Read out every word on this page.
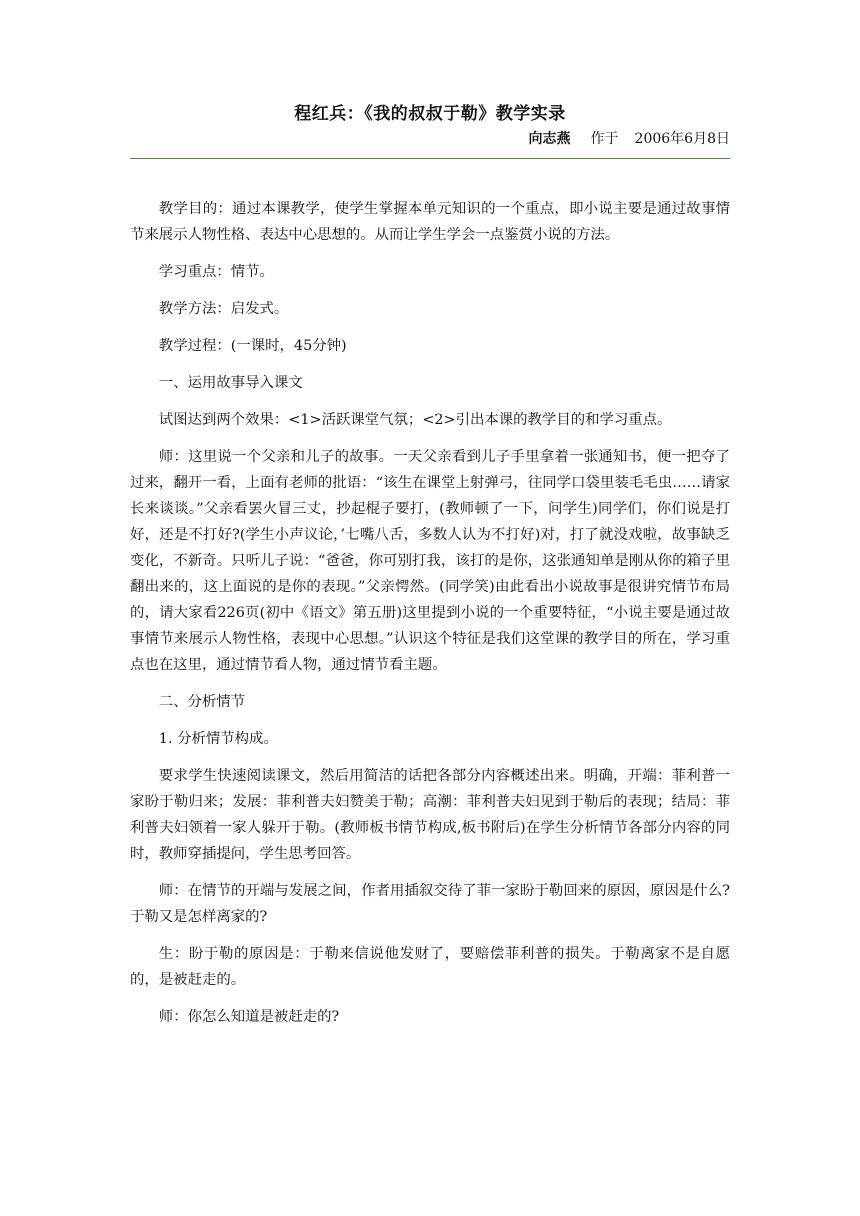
程红兵：《我的叔叔于勒》教学实录
向志燕 作于 2006年6月8日

教学目的：通过本课教学，使学生掌握本单元知识的一个重点，即小说主要是通过故事情节来展示人物性格、表达中心思想的。从而让学生学会一点鉴赏小说的方法。

学习重点：情节。

教学方法：启发式。

教学过程：(一课时，45分钟)

一、运用故事导入课文

试图达到两个效果：<1>活跃课堂气氛；<2>引出本课的教学目的和学习重点。

师：这里说一个父亲和儿子的故事。一天父亲看到儿子手里拿着一张通知书，便一把夺了过来，翻开一看，上面有老师的批语：“该生在课堂上射弹弓，往同学口袋里装毛毛虫……请家长来谈谈。”父亲看罢火冒三丈，抄起棍子要打，(教师顿了一下，问学生)同学们，你们说是打好，还是不打好?(学生小声议论，’七嘴八舌，多数人认为不打好)对，打了就没戏啦，故事缺乏变化，不新奇。只听儿子说：“爸爸，你可别打我，该打的是你，这张通知单是刚从你的箱子里翻出来的，这上面说的是你的表现。”父亲愕然。(同学笑)由此看出小说故事是很讲究情节布局的，请大家看226页(初中《语文》第五册)这里提到小说的一个重要特征，“小说主要是通过故事情节来展示人物性格，表现中心思想。”认识这个特征是我们这堂课的教学目的所在，学习重点也在这里，通过情节看人物，通过情节看主题。

二、分析情节

1. 分析情节构成。

要求学生快速阅读课文，然后用简洁的话把各部分内容概述出来。明确，开端：菲利普一家盼于勒归来；发展：菲利普夫妇赞美于勒；高潮：菲利普夫妇见到于勒后的表现；结局：菲利普夫妇领着一家人躲开于勒。(教师板书情节构成,板书附后)在学生分析情节各部分内容的同时，教师穿插提问，学生思考回答。

师：在情节的开端与发展之间，作者用插叙交待了菲一家盼于勒回来的原因，原因是什么?于勒又是怎样离家的?

生：盼于勒的原因是：于勒来信说他发财了，要赔偿菲利普的损失。于勒离家不是自愿的，是被赶走的。

师：你怎么知道是被赶走的?
